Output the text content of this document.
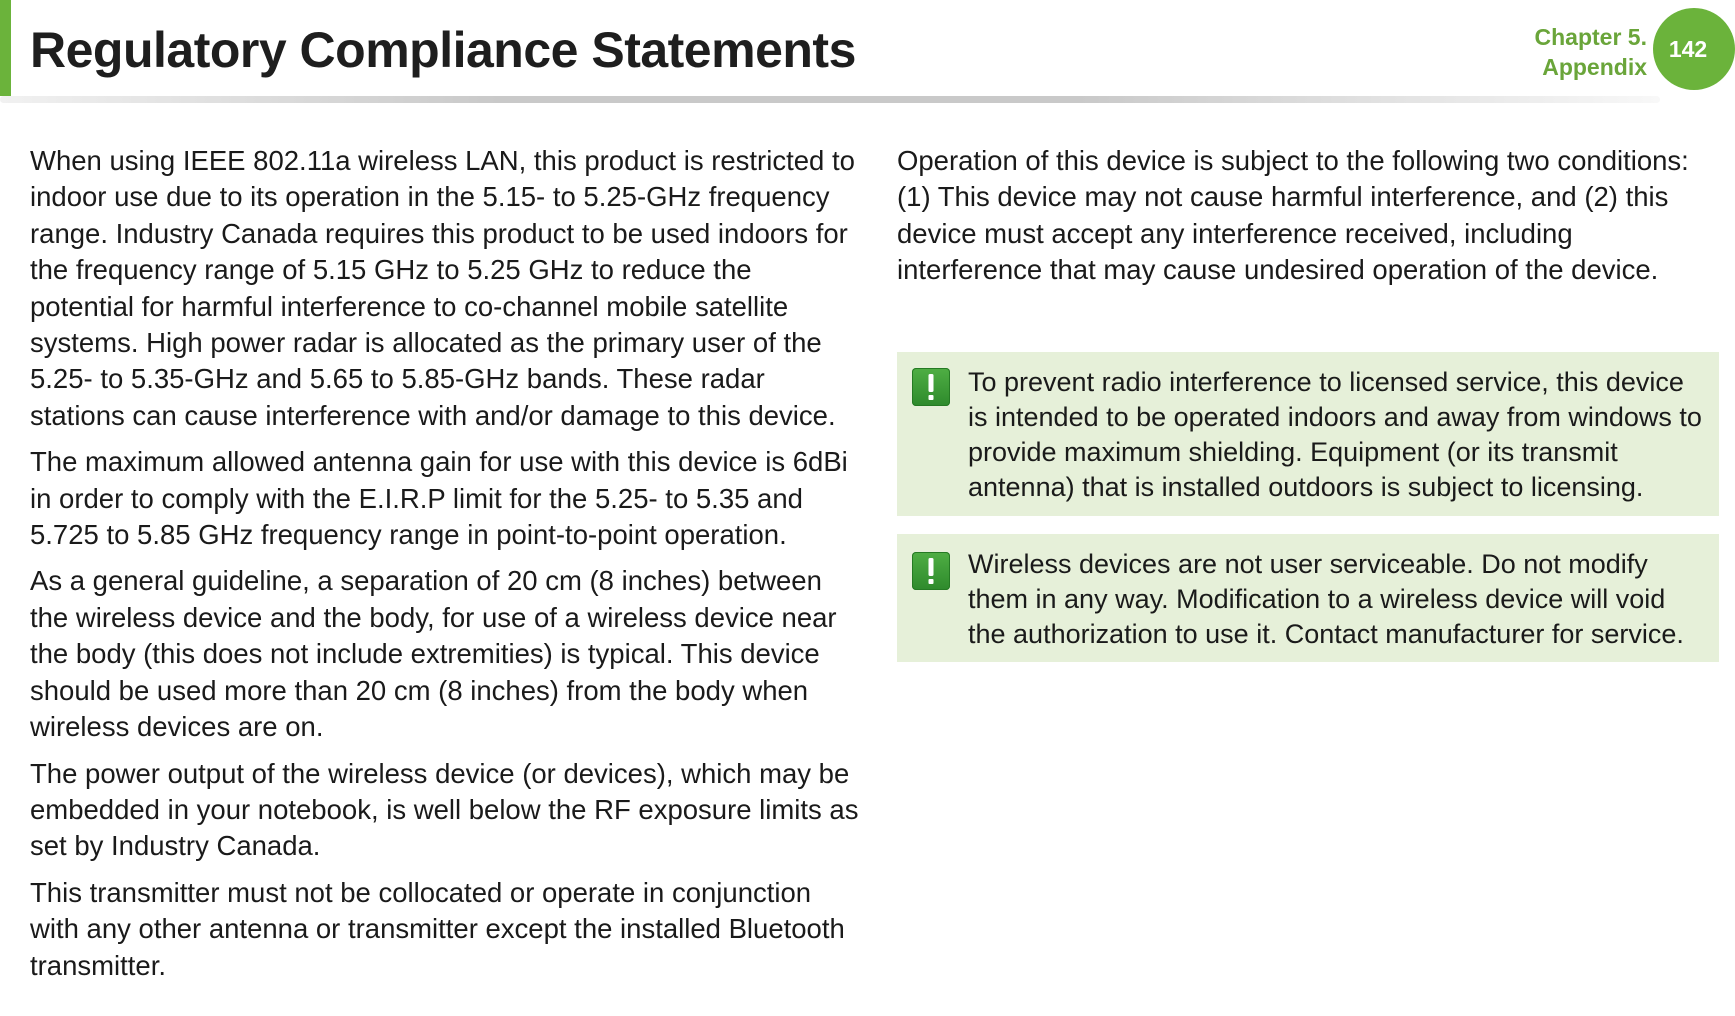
Regulatory Compliance Statements	Chapter 5.
Appendix
142

When using IEEE 802.11a wireless LAN, this product is restricted to indoor use due to its operation in the 5.15- to 5.25-GHz frequency range. Industry Canada requires this product to be used indoors for the frequency range of 5.15 GHz to 5.25 GHz to reduce the potential for harmful interference to co-channel mobile satellite systems. High power radar is allocated as the primary user of the 5.25- to 5.35-GHz and 5.65 to 5.85-GHz bands. These radar stations can cause interference with and/or damage to this device.

The maximum allowed antenna gain for use with this device is 6dBi in order to comply with the E.I.R.P limit for the 5.25- to 5.35 and 5.725 to 5.85 GHz frequency range in point-to-point operation.

As a general guideline, a separation of 20 cm (8 inches) between the wireless device and the body, for use of a wireless device near the body (this does not include extremities) is typical. This device should be used more than 20 cm (8 inches) from the body when wireless devices are on.

The power output of the wireless device (or devices), which may be embedded in your notebook, is well below the RF exposure limits as set by Industry Canada.

This transmitter must not be collocated or operate in conjunction with any other antenna or transmitter except the installed Bluetooth transmitter.

Operation of this device is subject to the following two conditions: (1) This device may not cause harmful interference, and (2) this device must accept any interference received, including interference that may cause undesired operation of the device.

To prevent radio interference to licensed service, this device is intended to be operated indoors and away from windows to provide maximum shielding. Equipment (or its transmit antenna) that is installed outdoors is subject to licensing.
Wireless devices are not user serviceable. Do not modify them in any way. Modification to a wireless device will void the authorization to use it. Contact manufacturer for service.
